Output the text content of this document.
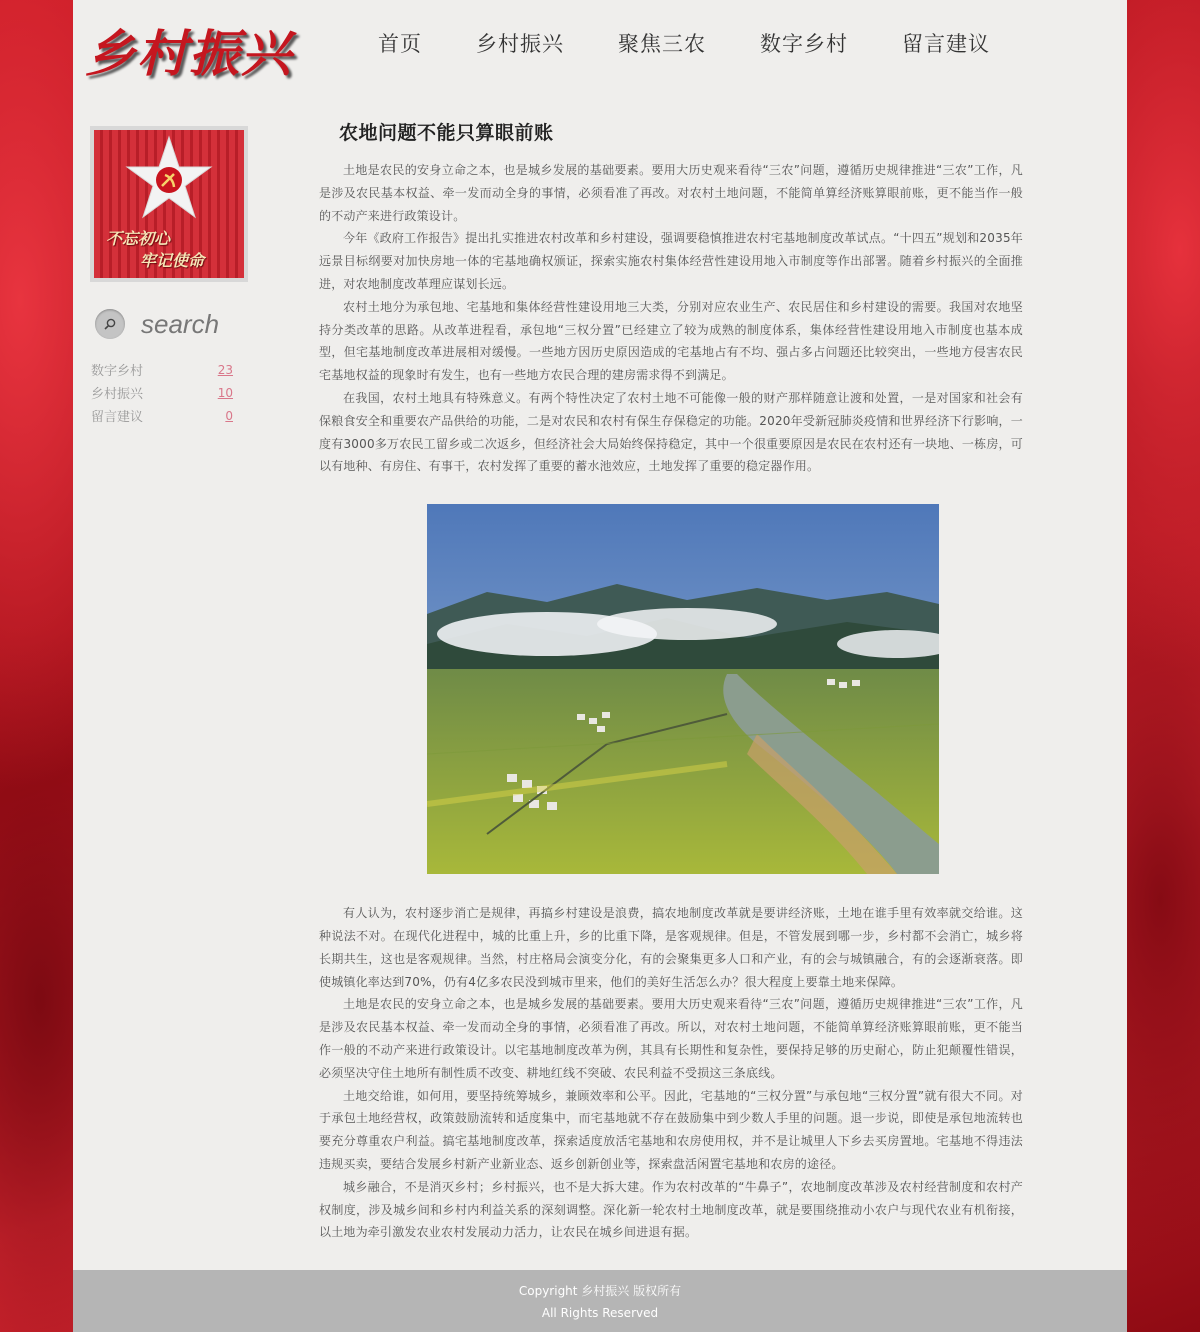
乡村振兴	首页	乡村振兴	聚焦三农	数字乡村	留言建议
不忘初心
牢记使命
search
数字乡村	23
乡村振兴	10
留言建议	0
农地问题不能只算眼前账

土地是农民的安身立命之本，也是城乡发展的基础要素。要用大历史观来看待“三农”问题，遵循历史规律推进“三农”工作，凡是涉及农民基本权益、牵一发而动全身的事情，必须看准了再改。对农村土地问题，不能简单算经济账算眼前账，更不能当作一般的不动产来进行政策设计。

今年《政府工作报告》提出扎实推进农村改革和乡村建设，强调要稳慎推进农村宅基地制度改革试点。“十四五”规划和2035年远景目标纲要对加快房地一体的宅基地确权颁证，探索实施农村集体经营性建设用地入市制度等作出部署。随着乡村振兴的全面推进，对农地制度改革理应谋划长远。

农村土地分为承包地、宅基地和集体经营性建设用地三大类，分别对应农业生产、农民居住和乡村建设的需要。我国对农地坚持分类改革的思路。从改革进程看，承包地“三权分置”已经建立了较为成熟的制度体系，集体经营性建设用地入市制度也基本成型，但宅基地制度改革进展相对缓慢。一些地方因历史原因造成的宅基地占有不均、强占多占问题还比较突出，一些地方侵害农民宅基地权益的现象时有发生，也有一些地方农民合理的建房需求得不到满足。

在我国，农村土地具有特殊意义。有两个特性决定了农村土地不可能像一般的财产那样随意让渡和处置，一是对国家和社会有保粮食安全和重要农产品供给的功能，二是对农民和农村有保生存保稳定的功能。2020年受新冠肺炎疫情和世界经济下行影响，一度有3000多万农民工留乡或二次返乡，但经济社会大局始终保持稳定，其中一个很重要原因是农民在农村还有一块地、一栋房，可以有地种、有房住、有事干，农村发挥了重要的蓄水池效应，土地发挥了重要的稳定器作用。

有人认为，农村逐步消亡是规律，再搞乡村建设是浪费，搞农地制度改革就是要讲经济账，土地在谁手里有效率就交给谁。这种说法不对。在现代化进程中，城的比重上升，乡的比重下降，是客观规律。但是，不管发展到哪一步，乡村都不会消亡，城乡将长期共生，这也是客观规律。当然，村庄格局会演变分化，有的会聚集更多人口和产业，有的会与城镇融合，有的会逐渐衰落。即使城镇化率达到70%，仍有4亿多农民没到城市里来，他们的美好生活怎么办？很大程度上要靠土地来保障。

土地是农民的安身立命之本，也是城乡发展的基础要素。要用大历史观来看待“三农”问题，遵循历史规律推进“三农”工作，凡是涉及农民基本权益、牵一发而动全身的事情，必须看准了再改。所以，对农村土地问题，不能简单算经济账算眼前账，更不能当作一般的不动产来进行政策设计。以宅基地制度改革为例，其具有长期性和复杂性，要保持足够的历史耐心，防止犯颠覆性错误，必须坚决守住土地所有制性质不改变、耕地红线不突破、农民利益不受损这三条底线。

土地交给谁，如何用，要坚持统筹城乡，兼顾效率和公平。因此，宅基地的“三权分置”与承包地“三权分置”就有很大不同。对于承包土地经营权，政策鼓励流转和适度集中，而宅基地就不存在鼓励集中到少数人手里的问题。退一步说，即使是承包地流转也要充分尊重农户利益。搞宅基地制度改革，探索适度放活宅基地和农房使用权，并不是让城里人下乡去买房置地。宅基地不得违法违规买卖，要结合发展乡村新产业新业态、返乡创新创业等，探索盘活闲置宅基地和农房的途径。

城乡融合，不是消灭乡村；乡村振兴，也不是大拆大建。作为农村改革的“牛鼻子”，农地制度改革涉及农村经营制度和农村产权制度，涉及城乡间和乡村内利益关系的深刻调整。深化新一轮农村土地制度改革，就是要围绕推动小农户与现代农业有机衔接，以土地为牵引激发农业农村发展动力活力，让农民在城乡间进退有据。

Copyright 乡村振兴 版权所有
All Rights Reserved
